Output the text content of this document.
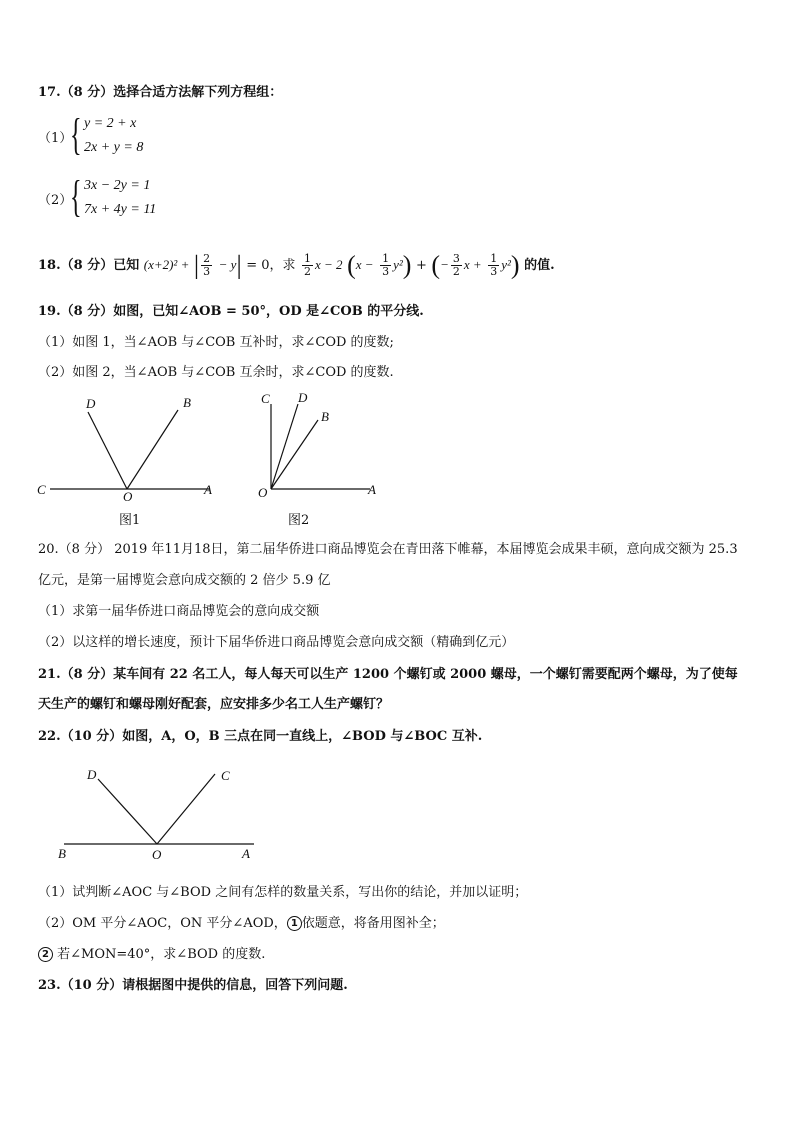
17.（8 分）选择合适方法解下列方程组：
（1）
{ y = 2 + x
2x + y = 8
（2）
{ 3x − 2y = 1
7x + 4y = 11
18.（8 分）已知 (x+2)² + | $\frac{2}{3} - y| = 0$，求 $\frac{1}{2}$ x − 2 $(x - \frac{1}{3} y^2)$ + (− $\frac{3}{2}$ $x + \frac{1}{3} y^2$) 的值.
19.（8 分）如图，已知∠AOB = 50°，OD 是∠COB 的平分线.
（1）如图 1，当∠AOB 与∠COB 互补时，求∠COD 的度数;
（2）如图 2，当∠AOB 与∠COB 互余时，求∠COD 的度数.
D	B
C	O	A
图1
C D
B
O	A
图2
20.（8 分） 2019 年11月18日，第二届华侨进口商品博览会在青田落下帷幕，本届博览会成果丰硕，意向成交额为 25.3
亿元，是第一届博览会意向成交额的 2 倍少 5.9 亿
（1）求第一届华侨进口商品博览会的意向成交额
（2）以这样的增长速度，预计下届华侨进口商品博览会意向成交额（精确到亿元）
21.（8 分）某车间有 22 名工人，每人每天可以生产 1200 个螺钉或 2000 螺母，一个螺钉需要配两个螺母，为了使每
天生产的螺钉和螺母刚好配套，应安排多少名工人生产螺钉？
22.（10 分）如图，A，O，B 三点在同一直线上，∠BOD 与∠BOC 互补.
D	C
B	O	A
（1）试判断∠AOC 与∠BOD 之间有怎样的数量关系，写出你的结论，并加以证明；
（2）OM 平分∠AOC，ON 平分∠AOD， 1 依题意，将备用图补全；
2 若∠MON=40°，求∠BOD 的度数.
23.（10 分）请根据图中提供的信息，回答下列问题.
